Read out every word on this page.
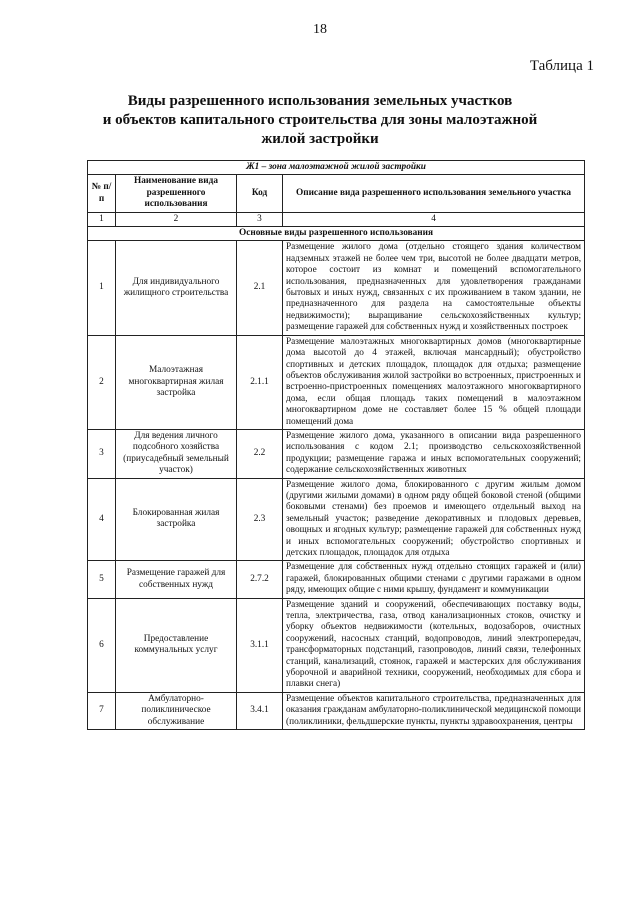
18
Таблица 1
Виды разрешенного использования земельных участков
и объектов капитального строительства для зоны малоэтажной
жилой застройки
Ж1 – зона малоэтажной жилой застройки			
№ п/п	Наименование вида разрешенного использования	Код	Описание вида разрешенного использования земельного участка
1	2	3	4
Основные виды разрешенного использования			
1	Для индивидуального жилищного строительства	2.1	Размещение жилого дома (отдельно стоящего здания количеством надземных этажей не более чем три, высотой не более двадцати метров, которое состоит из комнат и помещений вспомогательного использования, предназначенных для удовлетворения гражданами бытовых и иных нужд, связанных с их проживанием в таком здании, не предназначенного для раздела на самостоятельные объекты недвижимости); выращивание сельскохозяйственных культур; размещение гаражей для собственных нужд и хозяйственных построек
2	Малоэтажная многоквартирная жилая застройка	2.1.1	Размещение малоэтажных многоквартирных домов (многоквартирные дома высотой до 4 этажей, включая мансардный); обустройство спортивных и детских площадок, площадок для отдыха; размещение объектов обслуживания жилой застройки во встроенных, пристроенных и встроенно-пристроенных помещениях малоэтажного многоквартирного дома, если общая площадь таких помещений в малоэтажном многоквартирном доме не составляет более 15 % общей площади помещений дома
3	Для ведения личного подсобного хозяйства (приусадебный земельный участок)	2.2	Размещение жилого дома, указанного в описании вида разрешенного использования с кодом 2.1; производство сельскохозяйственной продукции; размещение гаража и иных вспомогательных сооружений; содержание сельскохозяйственных животных
4	Блокированная жилая застройка	2.3	Размещение жилого дома, блокированного с другим жилым домом (другими жилыми домами) в одном ряду общей боковой стеной (общими боковыми стенами) без проемов и имеющего отдельный выход на земельный участок; разведение декоративных и плодовых деревьев, овощных и ягодных культур; размещение гаражей для собственных нужд и иных вспомогательных сооружений; обустройство спортивных и детских площадок, площадок для отдыха
5	Размещение гаражей для собственных нужд	2.7.2	Размещение для собственных нужд отдельно стоящих гаражей и (или) гаражей, блокированных общими стенами с другими гаражами в одном ряду, имеющих общие с ними крышу, фундамент и коммуникации
6	Предоставление коммунальных услуг	3.1.1	Размещение зданий и сооружений, обеспечивающих поставку воды, тепла, электричества, газа, отвод канализационных стоков, очистку и уборку объектов недвижимости (котельных, водозаборов, очистных сооружений, насосных станций, водопроводов, линий электропередач, трансформаторных подстанций, газопроводов, линий связи, телефонных станций, канализаций, стоянок, гаражей и мастерских для обслуживания уборочной и аварийной техники, сооружений, необходимых для сбора и плавки снега)
7	Амбулаторно-поликлиническое обслуживание	3.4.1	Размещение объектов капитального строительства, предназначенных для оказания гражданам амбулаторно-поликлинической медицинской помощи (поликлиники, фельдшерские пункты, пункты здравоохранения, центры
